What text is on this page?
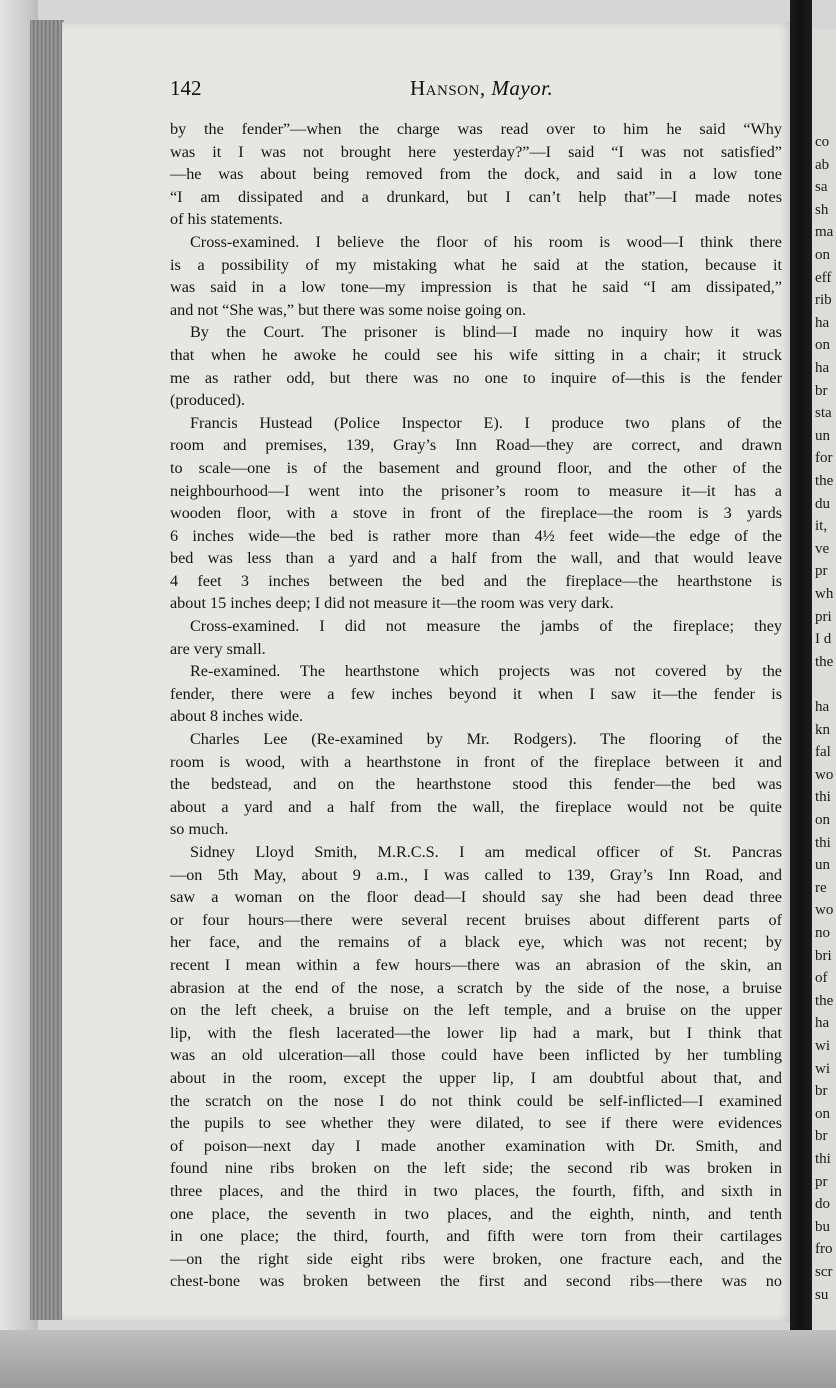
co
ab
sa
sh
ma
on
eff
rib
ha
on
ha
br
sta
un
for
the
du
it,
ve
pr
wh
pri
I d
the
ha
kn
fal
wo
thi
on
thi
un
re
wo
no
bri
of
the
ha
wi
wi
br
on
br
thi
pr
do
bu
fro
scr
su
142	Hanson, Mayor.
by the fender”—when the charge was read over to him he said “Why
was it I was not brought here yesterday?”—I said “I was not satisfied”
—he was about being removed from the dock, and said in a low tone
“I am dissipated and a drunkard, but I can’t help that”—I made notes
of his statements.
Cross-examined. I believe the floor of his room is wood—I think there
is a possibility of my mistaking what he said at the station, because it
was said in a low tone—my impression is that he said “I am dissipated,”
and not “She was,” but there was some noise going on.
By the Court. The prisoner is blind—I made no inquiry how it was
that when he awoke he could see his wife sitting in a chair; it struck
me as rather odd, but there was no one to inquire of—this is the fender
(produced).
Francis Hustead (Police Inspector E). I produce two plans of the
room and premises, 139, Gray’s Inn Road—they are correct, and drawn
to scale—one is of the basement and ground floor, and the other of the
neighbourhood—I went into the prisoner’s room to measure it—it has a
wooden floor, with a stove in front of the fireplace—the room is 3 yards
6 inches wide—the bed is rather more than 4½ feet wide—the edge of the
bed was less than a yard and a half from the wall, and that would leave
4 feet 3 inches between the bed and the fireplace—the hearthstone is
about 15 inches deep; I did not measure it—the room was very dark.
Cross-examined. I did not measure the jambs of the fireplace; they
are very small.
Re-examined. The hearthstone which projects was not covered by the
fender, there were a few inches beyond it when I saw it—the fender is
about 8 inches wide.
Charles Lee (Re-examined by Mr. Rodgers). The flooring of the
room is wood, with a hearthstone in front of the fireplace between it and
the bedstead, and on the hearthstone stood this fender—the bed was
about a yard and a half from the wall, the fireplace would not be quite
so much.
Sidney Lloyd Smith, M.R.C.S. I am medical officer of St. Pancras
—on 5th May, about 9 a.m., I was called to 139, Gray’s Inn Road, and
saw a woman on the floor dead—I should say she had been dead three
or four hours—there were several recent bruises about different parts of
her face, and the remains of a black eye, which was not recent; by
recent I mean within a few hours—there was an abrasion of the skin, an
abrasion at the end of the nose, a scratch by the side of the nose, a bruise
on the left cheek, a bruise on the left temple, and a bruise on the upper
lip, with the flesh lacerated—the lower lip had a mark, but I think that
was an old ulceration—all those could have been inflicted by her tumbling
about in the room, except the upper lip, I am doubtful about that, and
the scratch on the nose I do not think could be self-inflicted—I examined
the pupils to see whether they were dilated, to see if there were evidences
of poison—next day I made another examination with Dr. Smith, and
found nine ribs broken on the left side; the second rib was broken in
three places, and the third in two places, the fourth, fifth, and sixth in
one place, the seventh in two places, and the eighth, ninth, and tenth
in one place; the third, fourth, and fifth were torn from their cartilages
—on the right side eight ribs were broken, one fracture each, and the
chest-bone was broken between the first and second ribs—there was no
